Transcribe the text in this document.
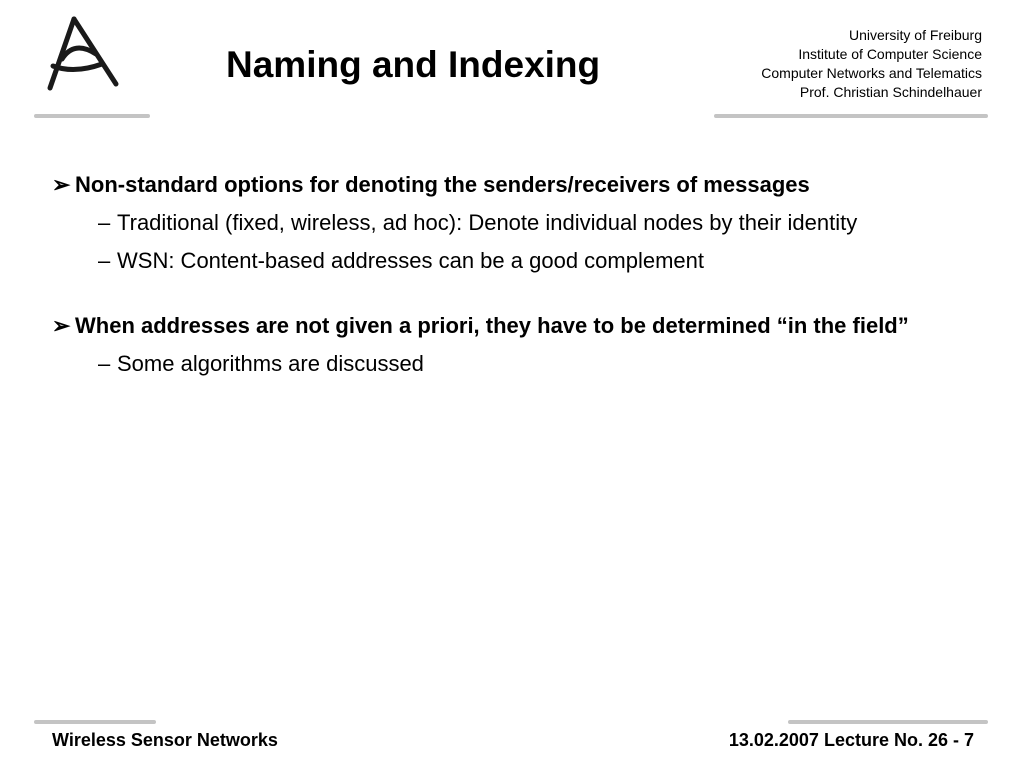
Naming and Indexing
University of Freiburg
Institute of Computer Science
Computer Networks and Telematics
Prof. Christian Schindelhauer
➢ Non-standard options for denoting the senders/receivers of messages
– Traditional (fixed, wireless, ad hoc): Denote individual nodes by their identity
– WSN: Content-based addresses can be a good complement
➢ When addresses are not given a priori, they have to be determined “in the field”
– Some algorithms are discussed
Wireless Sensor Networks	13.02.2007 Lecture No. 26 - 7
